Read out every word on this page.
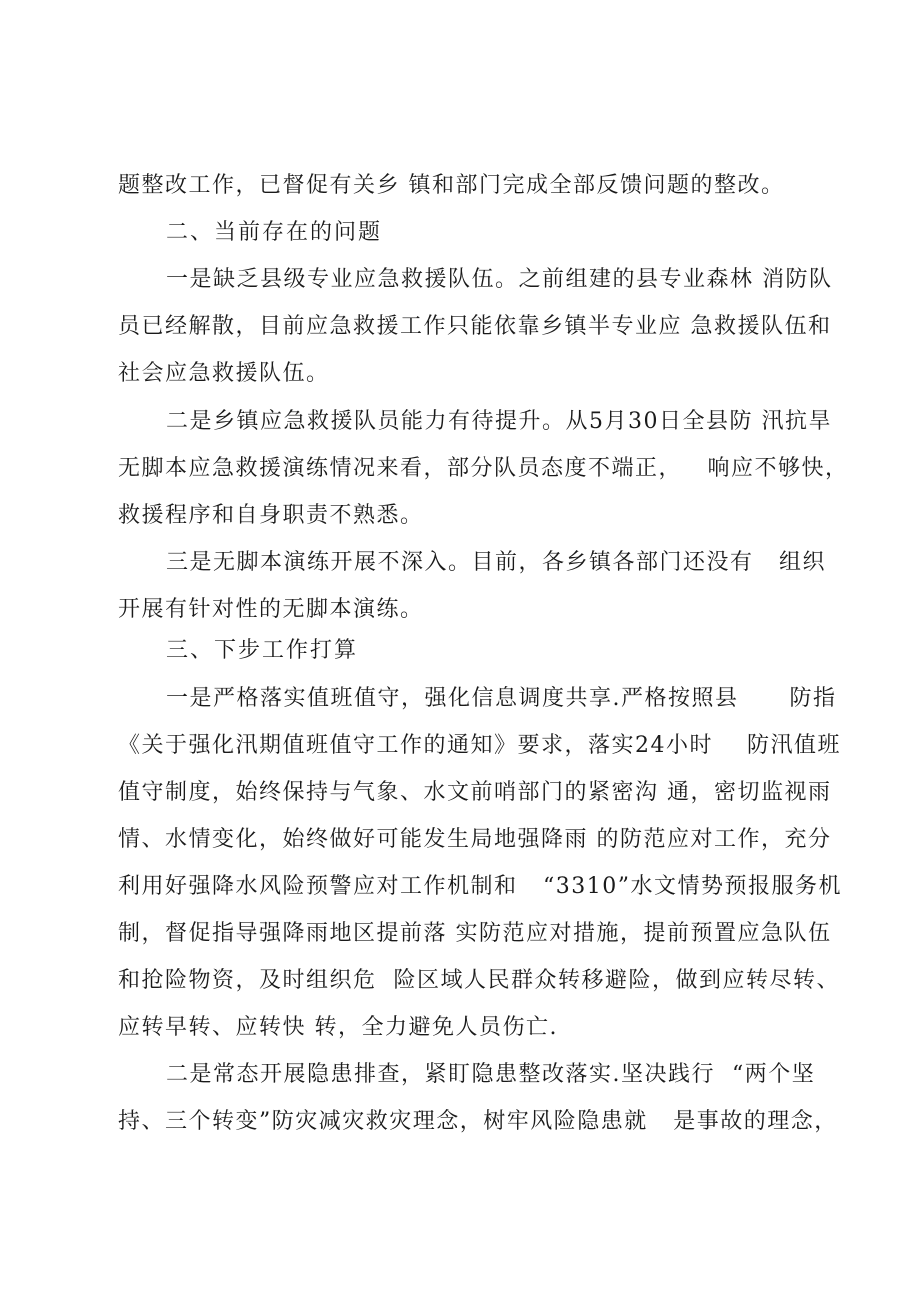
题整改工作，已督促有关乡 镇和部门完成全部反馈问题的整改。
二、当前存在的问题
一是缺乏县级专业应急救援队伍。之前组建的县专业森林 消防队
员已经解散，目前应急救援工作只能依靠乡镇半专业应 急救援队伍和
社会应急救援队伍。
二是乡镇应急救援队员能力有待提升。从5月30日全县防 汛抗旱
无脚本应急救援演练情况来看，部分队员态度不端正，   响应不够快，
救援程序和自身职责不熟悉。
三是无脚本演练开展不深入。目前，各乡镇各部门还没有   组织
开展有针对性的无脚本演练。
三、下步工作打算
一是严格落实值班值守，强化信息调度共享.严格按照县      防指
《关于强化汛期值班值守工作的通知》要求，落实24小时    防汛值班
值守制度，始终保持与气象、水文前哨部门的紧密沟 通，密切监视雨
情、水情变化，始终做好可能发生局地强降雨 的防范应对工作，充分
利用好强降水风险预警应对工作机制和   “3310”水文情势预报服务机
制，督促指导强降雨地区提前落 实防范应对措施，提前预置应急队伍
和抢险物资，及时组织危  险区域人民群众转移避险，做到应转尽转、
应转早转、应转快 转，全力避免人员伤亡.
二是常态开展隐患排查，紧盯隐患整改落实.坚决践行  “两个坚
持、三个转变”防灾减灾救灾理念，树牢风险隐患就   是事故的理念，
